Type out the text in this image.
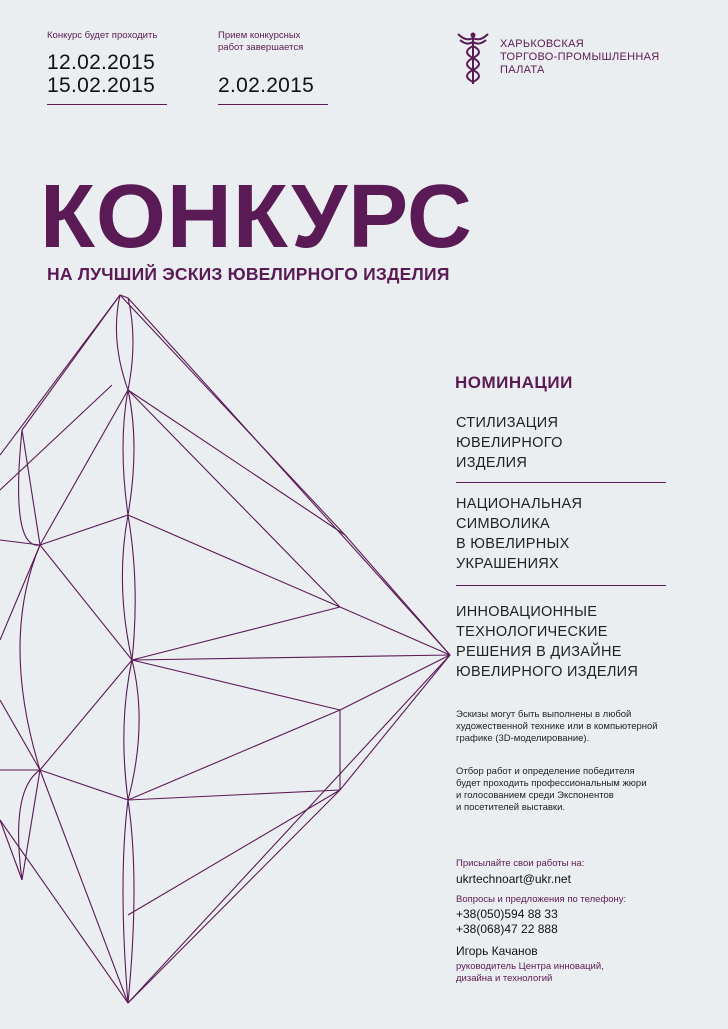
Конкурс будет проходить
12.02.2015
15.02.2015
Прием конкурсных
работ завершается
2.02.2015
ХАРЬКОВСКАЯ
ТОРГОВО-ПРОМЫШЛЕННАЯ
ПАЛАТА
КОНКУРС
НА ЛУЧШИЙ ЭСКИЗ ЮВЕЛИРНОГО ИЗДЕЛИЯ
НОМИНАЦИИ
СТИЛИЗАЦИЯ
ЮВЕЛИРНОГО
ИЗДЕЛИЯ
НАЦИОНАЛЬНАЯ
СИМВОЛИКА
В ЮВЕЛИРНЫХ
УКРАШЕНИЯХ
ИННОВАЦИОННЫЕ
ТЕХНОЛОГИЧЕСКИЕ
РЕШЕНИЯ В ДИЗАЙНЕ
ЮВЕЛИРНОГО ИЗДЕЛИЯ
Эскизы могут быть выполнены в любой
художественной технике или в компьютерной
графике (3D-моделирование).
Отбор работ и определение победителя
будет проходить профессиональным жюри
и голосованием среди Экспонентов
и посетителей выставки.
Присылайте свои работы на:
ukrtechnoart@ukr.net
Вопросы и предложения по телефону:
+38(050)594 88 33
+38(068)47 22 888
Игорь Качанов
руководитель Центра инноваций,
дизайна и технологий
